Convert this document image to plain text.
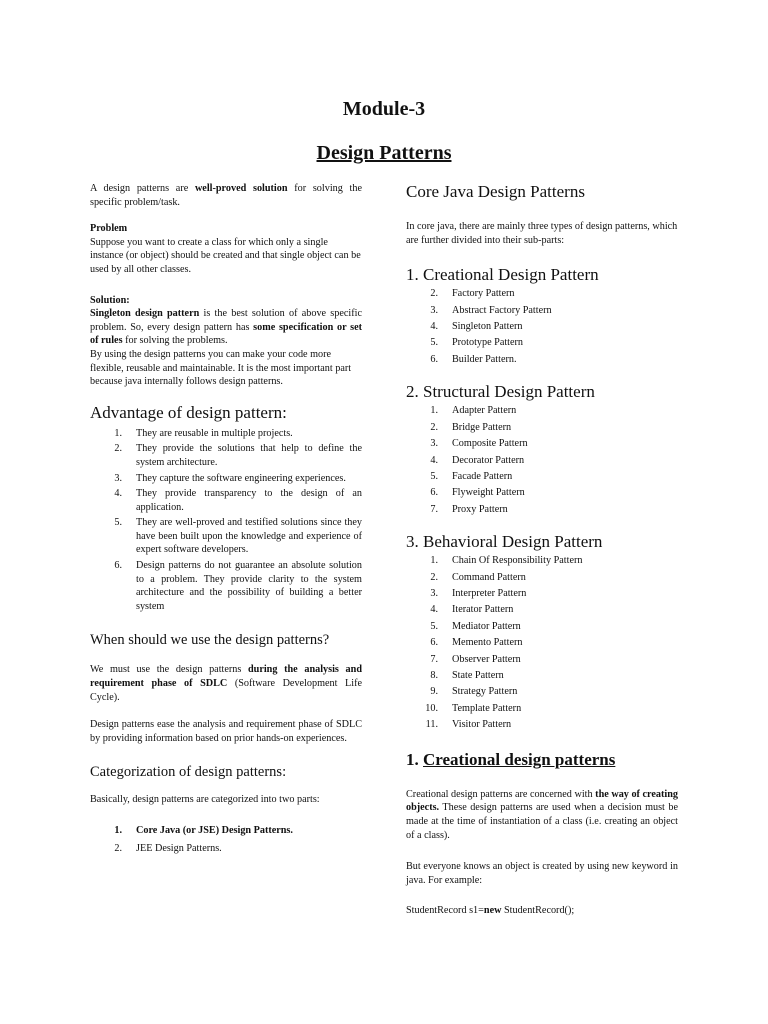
Module-3
Design Patterns

A design patterns are well-proved solution for solving the specific problem/task.

Problem

Suppose you want to create a class for which only a single instance (or object) should be created and that single object can be used by all other classes.

Solution:

Singleton design pattern is the best solution of above specific problem. So, every design pattern has some specification or set of rules for solving the problems.

By using the design patterns you can make your code more flexible, reusable and maintainable. It is the most important part because java internally follows design patterns.

Advantage of design pattern:
1. They are reusable in multiple projects.
2. They provide the solutions that help to define the system architecture.
3. They capture the software engineering experiences.
4. They provide transparency to the design of an application.
5. They are well-proved and testified solutions since they have been built upon the knowledge and experience of expert software developers.
6. Design patterns do not guarantee an absolute solution to a problem. They provide clarity to the system architecture and the possibility of building a better system
When should we use the design patterns?

We must use the design patterns during the analysis and requirement phase of SDLC (Software Development Life Cycle).

Design patterns ease the analysis and requirement phase of SDLC by providing information based on prior hands-on experiences.

Categorization of design patterns:

Basically, design patterns are categorized into two parts:

1. Core Java (or JSE) Design Patterns.
2. JEE Design Patterns.
Core Java Design Patterns

In core java, there are mainly three types of design patterns, which are further divided into their sub-parts:

1. Creational Design Pattern
2. Factory Pattern
3. Abstract Factory Pattern
4. Singleton Pattern
5. Prototype Pattern
6. Builder Pattern.
2. Structural Design Pattern
1. Adapter Pattern
2. Bridge Pattern
3. Composite Pattern
4. Decorator Pattern
5. Facade Pattern
6. Flyweight Pattern
7. Proxy Pattern
3. Behavioral Design Pattern
1. Chain Of Responsibility Pattern
2. Command Pattern
3. Interpreter Pattern
4. Iterator Pattern
5. Mediator Pattern
6. Memento Pattern
7. Observer Pattern
8. State Pattern
9. Strategy Pattern
10. Template Pattern
11. Visitor Pattern
1. Creational design patterns

Creational design patterns are concerned with the way of creating objects. These design patterns are used when a decision must be made at the time of instantiation of a class (i.e. creating an object of a class).

But everyone knows an object is created by using new keyword in java. For example:

StudentRecord s1=new StudentRecord();
